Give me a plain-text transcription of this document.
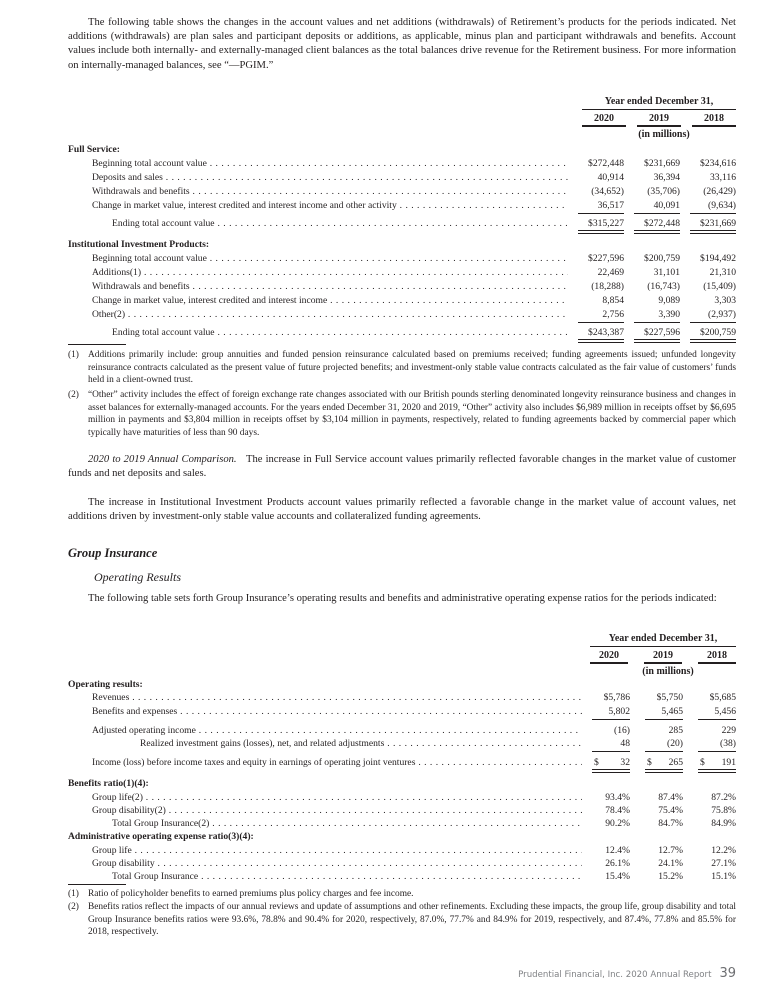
The following table shows the changes in the account values and net additions (withdrawals) of Retirement’s products for the periods indicated. Net additions (withdrawals) are plan sales and participant deposits or additions, as applicable, minus plan and participant withdrawals and benefits. Account values include both internally- and externally-managed client balances as the total balances drive revenue for the Retirement business. For more information on internally-managed balances, see “—PGIM.”

Year ended December 31,
2020	2019	2018
(in millions)
Full Service:
Beginning total account value . . .	$272,448	$231,669	$234,616
Deposits and sales . . .	40,914	36,394	33,116
Withdrawals and benefits . . .	(34,652)	(35,706)	(26,429)
Change in market value, interest credited and interest income and other activity . . .	36,517	40,091	(9,634)
Ending total account value . . .	$315,227	$272,448	$231,669
Institutional Investment Products:
Beginning total account value . . .	$227,596	$200,759	$194,492
Additions(1) . . .	22,469	31,101	21,310
Withdrawals and benefits . . .	(18,288)	(16,743)	(15,409)
Change in market value, interest credited and interest income . . .	8,854	9,089	3,303
Other(2) . . .	2,756	3,390	(2,937)
Ending total account value . . .	$243,387	$227,596	$200,759
(1) Additions primarily include: group annuities and funded pension reinsurance calculated based on premiums received; funding agreements issued; unfunded longevity reinsurance contracts calculated as the present value of future projected benefits; and investment-only stable value contracts calculated as the fair value of customers’ funds held in a client-owned trust.
(2) “Other” activity includes the effect of foreign exchange rate changes associated with our British pounds sterling denominated longevity reinsurance business and changes in asset balances for externally-managed accounts. For the years ended December 31, 2020 and 2019, “Other” activity also includes $6,989 million in receipts offset by $6,695 million in payments and $3,804 million in receipts offset by $3,104 million in payments, respectively, related to funding agreements backed by commercial paper which typically have maturities of less than 90 days.

2020 to 2019 Annual Comparison. The increase in Full Service account values primarily reflected favorable changes in the market value of customer funds and net deposits and sales.

The increase in Institutional Investment Products account values primarily reflected a favorable change in the market value of account values, net additions driven by investment-only stable value accounts and collateralized funding agreements.

Group Insurance
Operating Results

The following table sets forth Group Insurance’s operating results and benefits and administrative operating expense ratios for the periods indicated:

Year ended December 31,
2020	2019	2018
(in millions)
Operating results:
Revenues . . .	$5,786	$5,750	$5,685
Benefits and expenses . . .	5,802	5,465	5,456
Adjusted operating income . . .	(16)	285	229
Realized investment gains (losses), net, and related adjustments . . .	48	(20)	(38)
Income (loss) before income taxes and equity in earnings of operating joint ventures . . .	$ 32 $ 265 $ 191
Benefits ratio(1)(4):
Group life(2) . . .	93.4%	87.4%	87.2%
Group disability(2) . . .	78.4%	75.4%	75.8%
Total Group Insurance(2) . . .	90.2%	84.7%	84.9%
Administrative operating expense ratio(3)(4):
Group life . . .	12.4%	12.7%	12.2%
Group disability . . .	26.1%	24.1%	27.1%
Total Group Insurance . . .	15.4%	15.2%	15.1%
(1) Ratio of policyholder benefits to earned premiums plus policy charges and fee income.
(2) Benefits ratios reflect the impacts of our annual reviews and update of assumptions and other refinements. Excluding these impacts, the group life, group disability and total Group Insurance benefits ratios were 93.6%, 78.8% and 90.4% for 2020, respectively, 87.0%, 77.7% and 84.9% for 2019, respectively, and 87.4%, 77.8% and 85.5% for 2018, respectively.
Prudential Financial, Inc. 2020 Annual Report 39
